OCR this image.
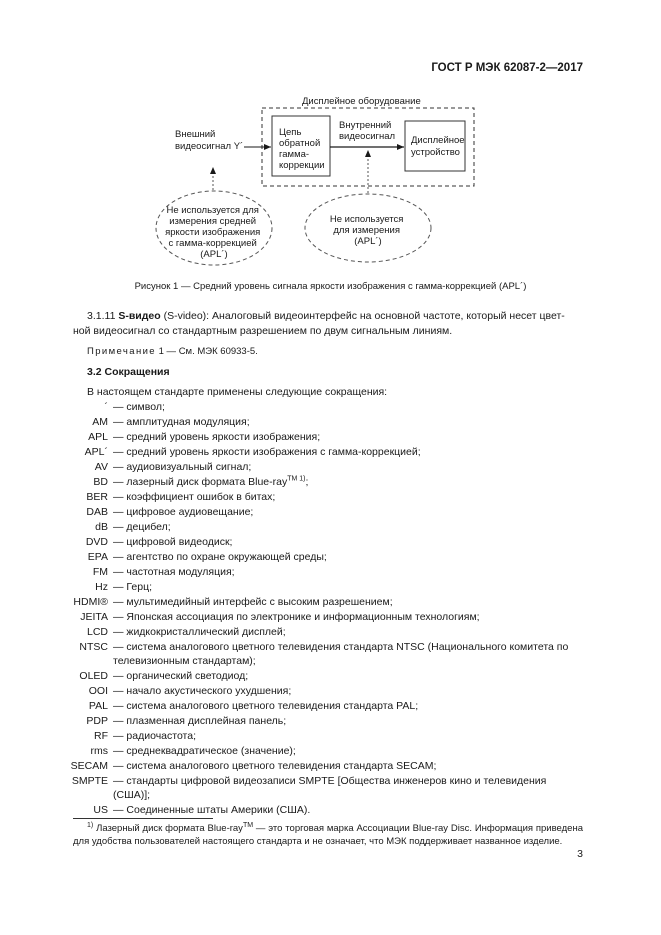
ГОСТ Р МЭК 62087-2—2017
Дисплейное оборудование
Внешний видеосигнал Y´
Цепь обратной гамма- коррекции
Внутренний видеосигнал Дисплейное устройство
Не используется для измерения средней яркости изображения с гамма-коррекцией (APL´)
Не используется для измерения (APL´)
Рисунок 1 — Средний уровень сигнала яркости изображения с гамма-коррекцией (APL´)
3.1.11 S-видео (S-video): Аналоговый видеоинтерфейс на основной частоте, который несет цвет-
ной видеосигнал со стандартным разрешением по двум сигнальным линиям.
Примечание 1 — См. МЭК 60933-5.
3.2 Сокращения
В настоящем стандарте применены следующие сокращения:
´ — символ;
AM — амплитудная модуляция;
APL — средний уровень яркости изображения;
APL´ — средний уровень яркости изображения с гамма-коррекцией;
AV — аудиовизуальный сигнал;
BD — лазерный диск формата Blue-ray$^{TM 1)}$;
BER — коэффициент ошибок в битах;
DAB — цифровое аудиовещание;
dB — децибел;
DVD — цифровой видеодиск;
EPA — агентство по охране окружающей среды;
FM — частотная модуляция;
Hz — Герц;
HDMI® — мультимедийный интерфейс с высоким разрешением;
JEITA — Японская ассоциация по электронике и информационным технологиям;
LCD — жидкокристаллический дисплей;
NTSC — система аналогового цветного телевидения стандарта NTSC (Национального комитета по телевизионным стандартам);
OLED — органический светодиод;
OOI — начало акустического ухудшения;
PAL — система аналогового цветного телевидения стандарта PAL;
PDP — плазменная дисплейная панель;
RF — радиочастота;
rms — среднеквадратическое (значение);
SECAM — система аналогового цветного телевидения стандарта SECAM;
SMPTE — стандарты цифровой видеозаписи SMPTE [Общества инженеров кино и телевидения (США)];
US — Соединенные штаты Америки (США).
$^{1)}$ Лазерный диск формата Blue-ray™ — это торговая марка Ассоциации Blue-ray Disc. Информация приведена для удобства пользователей настоящего стандарта и не означает, что МЭК поддерживает названное изделие.
3
